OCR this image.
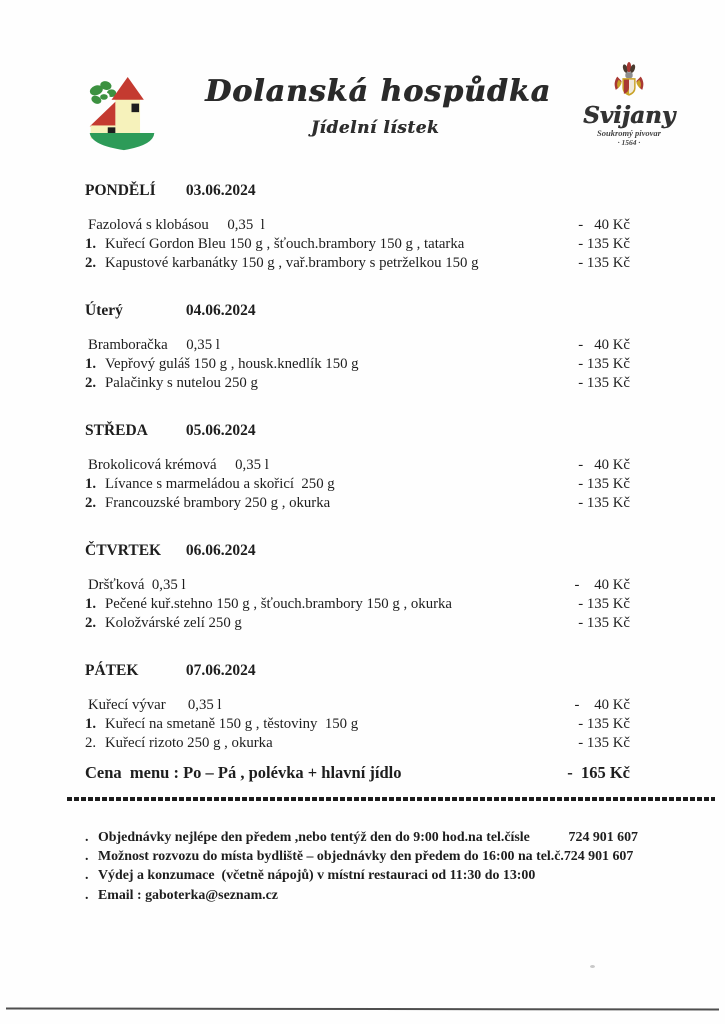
Dolanská hospůdka
Jídelní lístek	Svijany
Soukromý pivovar
· 1564 ·
PONDĚLÍ 03.06.2024
Fazolová s klobásou     0,35  l	-   40 Kč
1. Kuřecí Gordon Bleu 150 g , šťouch.brambory 150 g , tatarka	- 135 Kč
2. Kapustové karbanátky 150 g , vař.brambory s petrželkou 150 g	- 135 Kč
Úterý	04.06.2024
Bramboračka     0,35 l	-   40 Kč
1. Vepřový guláš 150 g , housk.knedlík 150 g	- 135 Kč
2. Palačinky s nutelou 250 g	- 135 Kč
STŘEDA 05.06.2024
Brokolicová krémová     0,35 l	-   40 Kč
1. Lívance s marmeládou a skořicí  250 g	- 135 Kč
2. Francouzské brambory 250 g , okurka	- 135 Kč
ČTVRTEK 06.06.2024
Dršťková  0,35 l	-    40 Kč
1. Pečené kuř.stehno 150 g , šťouch.brambory 150 g , okurka	- 135 Kč
2. Koložvárské zelí 250 g	- 135 Kč
PÁTEK	07.06.2024
Kuřecí vývar      0,35 l	-    40 Kč
1. Kuřecí na smetaně 150 g , těstoviny  150 g	- 135 Kč
2. Kuřecí rizoto 250 g , okurka	- 135 Kč
Cena  menu : Po – Pá , polévka + hlavní jídlo	-  165 Kč
. Objednávky nejlépe den předem ,nebo tentýž den do 9:00 hod.na tel.čísle	724 901 607
. Možnost rozvozu do místa bydliště – objednávky den předem do 16:00 na tel.č.724 901 607
. Výdej a konzumace  (včetně nápojů) v místní restauraci od 11:30 do 13:00
. Email : gaboterka@seznam.cz
